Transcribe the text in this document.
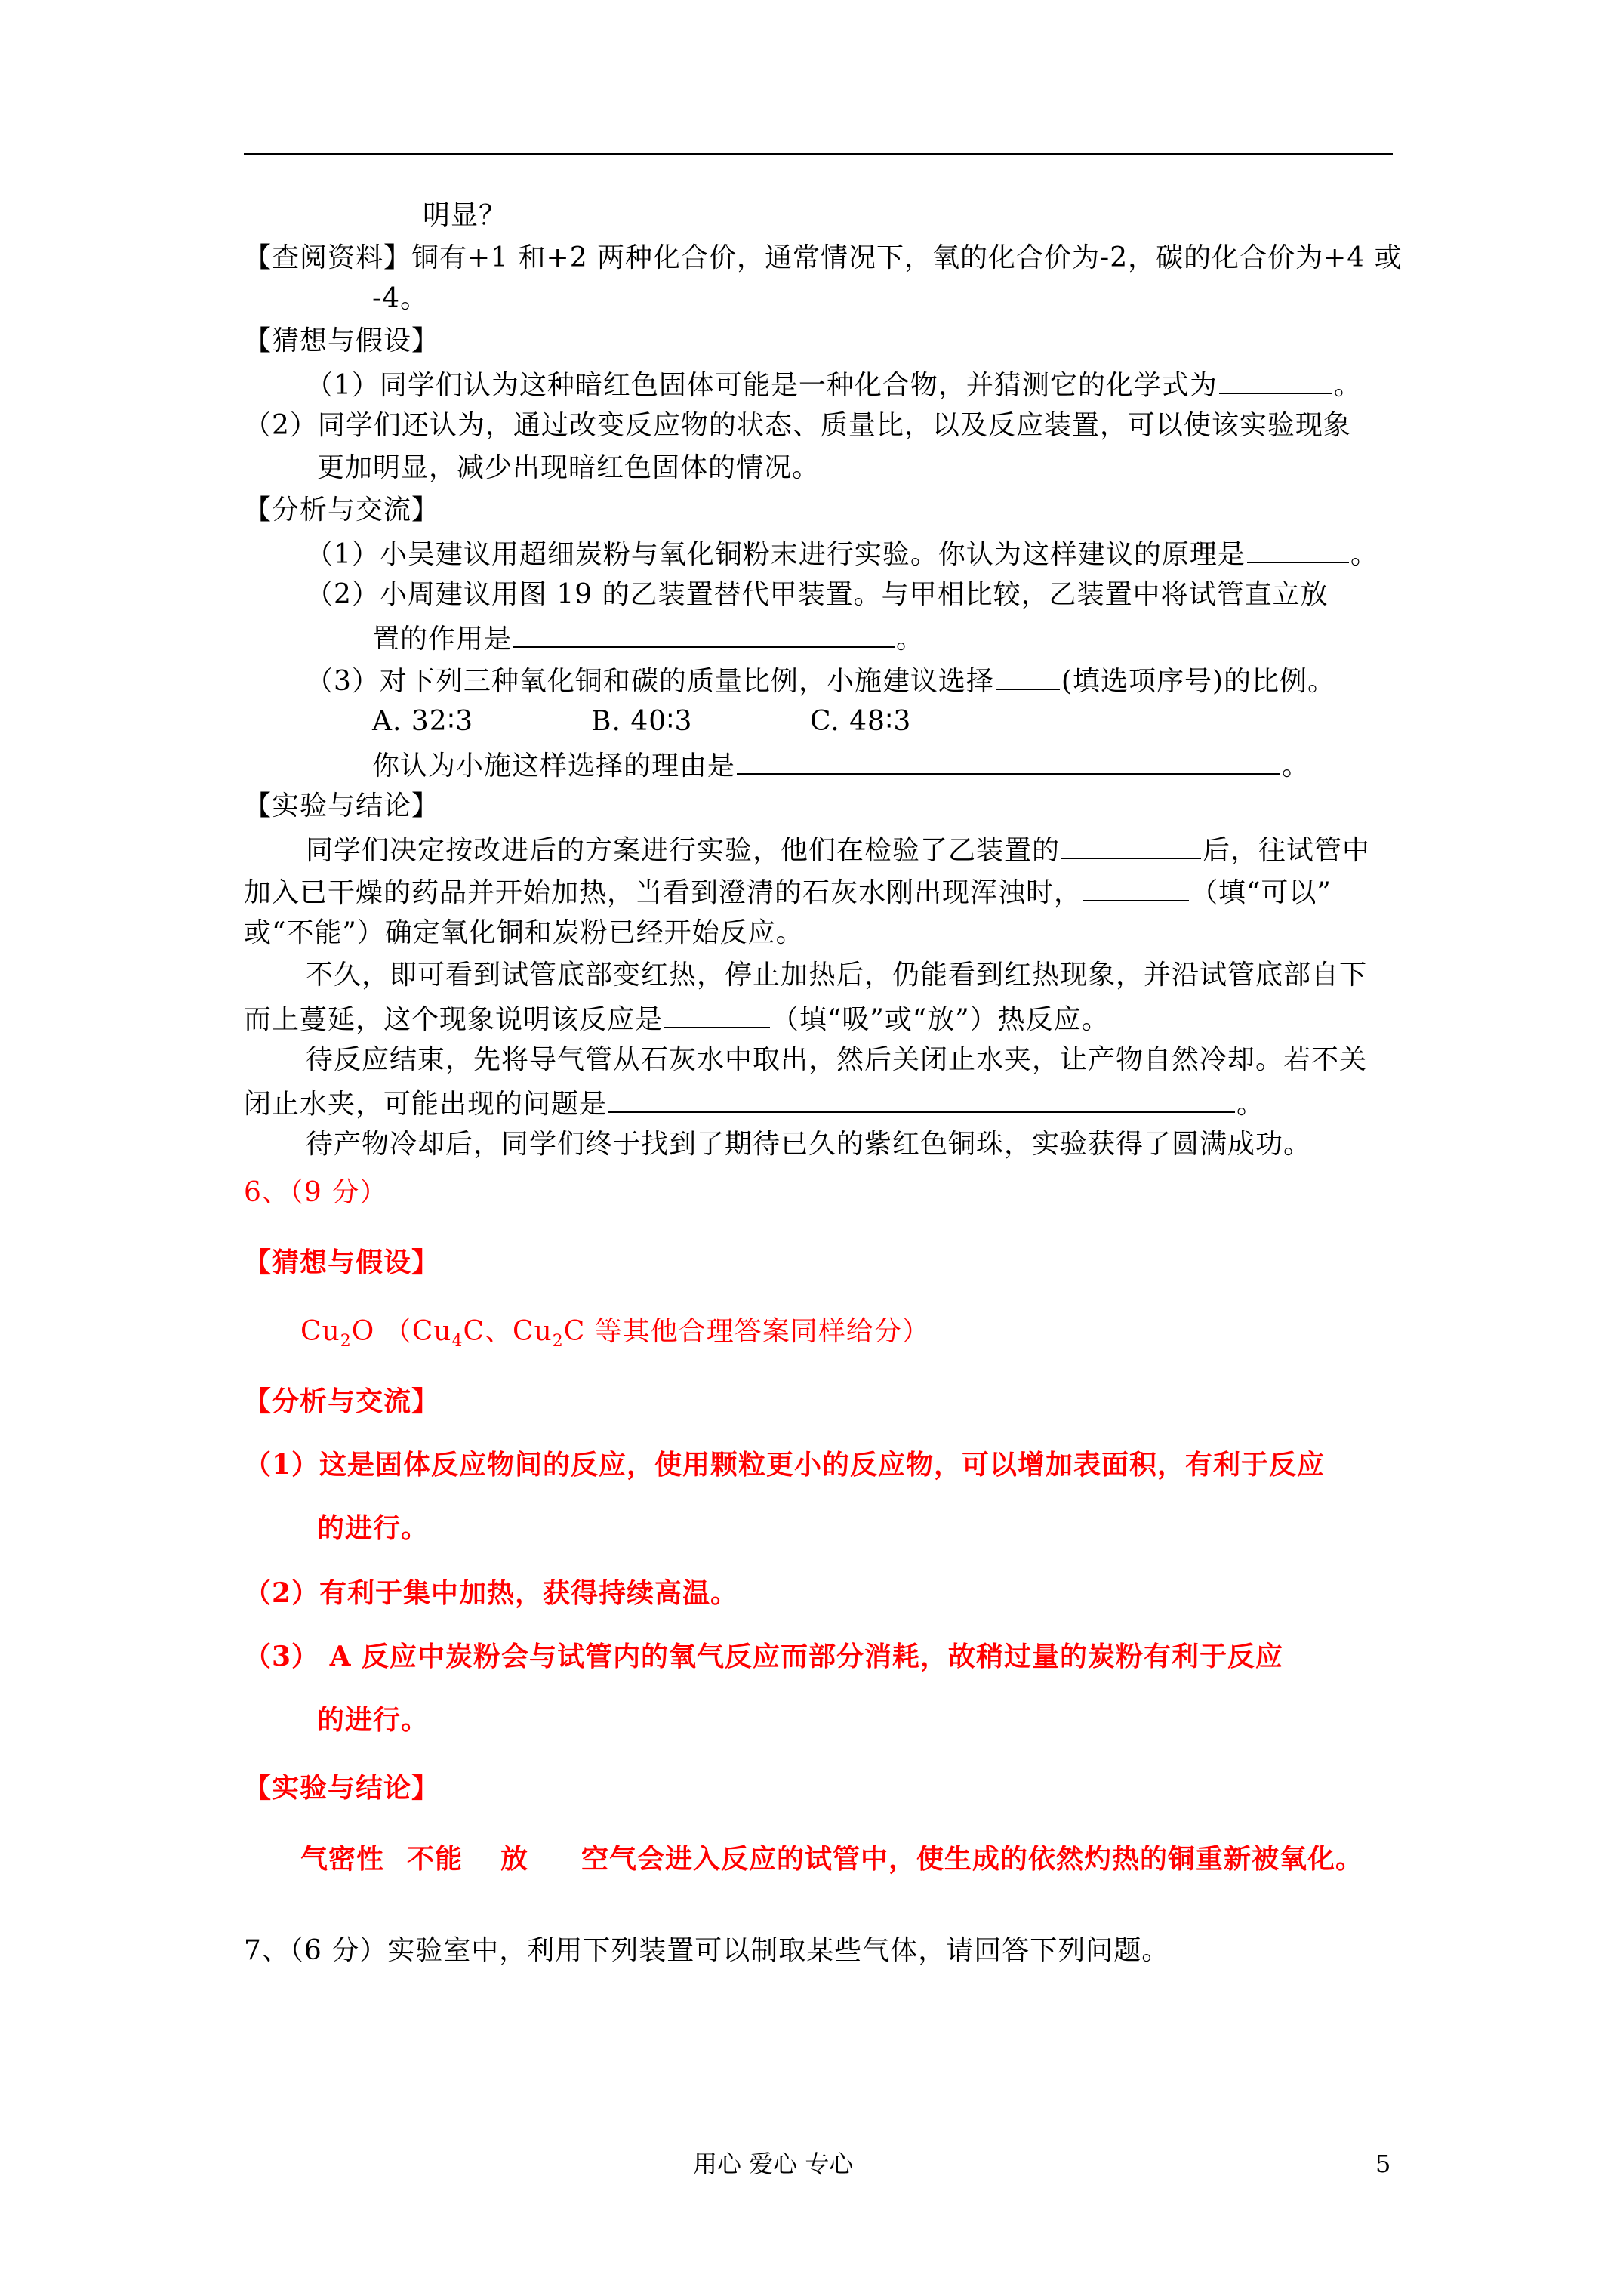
明显？
【查阅资料】铜有+1 和+2 两种化合价，通常情况下，氧的化合价为-2，碳的化合价为+4 或
-4。
【猜想与假设】
（1）同学们认为这种暗红色固体可能是一种化合物，并猜测它的化学式为	。
（2）同学们还认为，通过改变反应物的状态、质量比，以及反应装置，可以使该实验现象
更加明显，减少出现暗红色固体的情况。
【分析与交流】
（1）小吴建议用超细炭粉与氧化铜粉末进行实验。你认为这样建议的原理是	。
（2）小周建议用图 19 的乙装置替代甲装置。与甲相比较，乙装置中将试管直立放
置的作用是	。
（3）对下列三种氧化铜和碳的质量比例，小施建议选择 (填选项序号)的比例。
A. 32∶3	B. 40∶3	C. 48∶3
你认为小施这样选择的理由是	。
【实验与结论】
同学们决定按改进后的方案进行实验，他们在检验了乙装置的	后，往试管中
加入已干燥的药品并开始加热，当看到澄清的石灰水刚出现浑浊时，	（填“可以”
或“不能”）确定氧化铜和炭粉已经开始反应。
不久，即可看到试管底部变红热，停止加热后，仍能看到红热现象，并沿试管底部自下
而上蔓延，这个现象说明该反应是	（填“吸”或“放”）热反应。
待反应结束，先将导气管从石灰水中取出，然后关闭止水夹，让产物自然冷却。若不关
闭止水夹，可能出现的问题是	。
待产物冷却后，同学们终于找到了期待已久的紫红色铜珠，实验获得了圆满成功。
6、（9 分）
【猜想与假设】
$Cu_2O$ （$Cu_4C$、$Cu_2C$ 等其他合理答案同样给分）
【分析与交流】
（1）这是固体反应物间的反应，使用颗粒更小的反应物，可以增加表面积，有利于反应
的进行。
（2）有利于集中加热，获得持续高温。
（3） A 反应中炭粉会与试管内的氧气反应而部分消耗，故稍过量的炭粉有利于反应
的进行。
【实验与结论】
气密性 不能 放 空气会进入反应的试管中，使生成的依然灼热的铜重新被氧化。
7、（6 分）实验室中，利用下列装置可以制取某些气体，请回答下列问题。
用心 爱心 专心	5
